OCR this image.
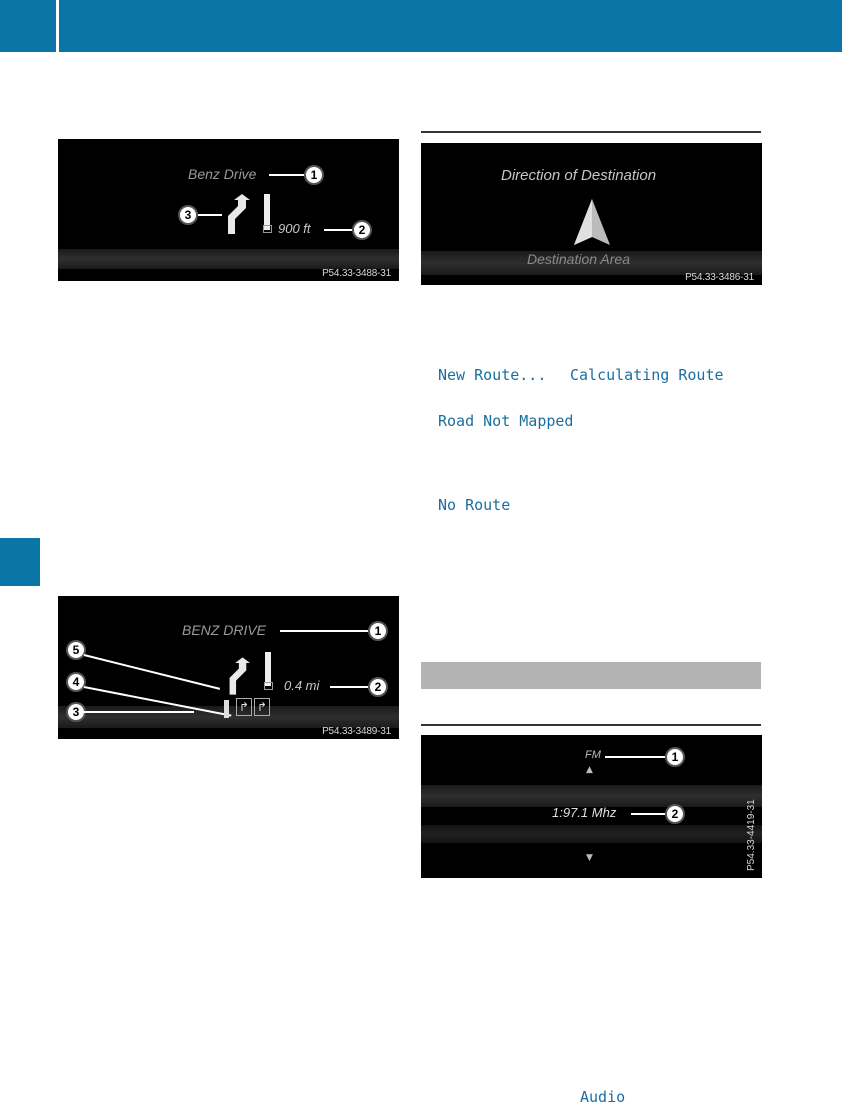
Benz Drive	1
3
900 ft	2
P54.33-3488-31
Direction of Destination
Destination Area
P54.33-3486-31
New Route... Calculating Route
Road Not Mapped
No Route
BENZ DRIVE	1
5
4
3
0.4 mi	2
↱ ↱
P54.33-3489-31
FM	1
▲
1:97.1 Mhz	2
▼	P54.33-4419-31
Audio
